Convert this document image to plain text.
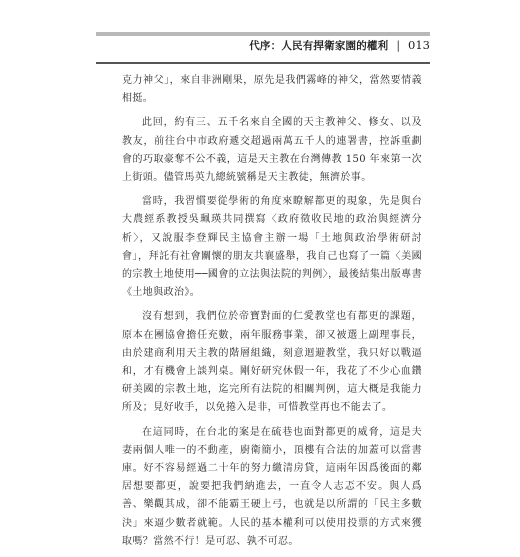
代序：人民有捍衛家園的權利 | 013

克力神父」，來自非洲剛果，原先是我們霧峰的神父，當然要情義相挺。

此回，約有三、五千名來自全國的天主教神父、修女、以及教友，前往台中市政府遞交超過兩萬五千人的連署書，控訴重劃會的巧取豪奪不公不義，這是天主教在台灣傳教 150 年來第一次上街頭。儘管馬英九總統號稱是天主教徒，無濟於事。

當時，我習慣要從學術的角度來瞭解都更的現象，先是與台大農經系教授吳珮瑛共同撰寫〈政府徵收民地的政治與經濟分析〉，又說服李登輝民主協會主辦一場「土地與政治學術研討會」，拜託有社會關懷的朋友共襄盛舉，我自己也寫了一篇〈美國的宗教土地使用──國會的立法與法院的判例〉，最後結集出版專書《土地與政治》。

沒有想到，我們位於帝寶對面的仁愛教堂也有都更的課題，原本在團協會擔任充數，兩年服務事業，卻又被選上副理事長，由於建商利用天主教的階層組織，刻意迴避教堂，我只好以戰逼和，才有機會上談判桌。剛好研究休假一年，我花了不少心血鑽研美國的宗教土地，迄完所有法院的相關判例，這大概是我能力所及；見好收手，以免捲入是非，可惜教堂再也不能去了。

在這同時，在台北的案是在硫巷也面對都更的威脅，這是夫妻兩個人唯一的不動產，廚衛簡小，頂樓有合法的加蓋可以當書庫。好不容易經過二十年的努力繳清房貸，這兩年因爲後面的鄰居想要都更，說要把我們納進去，一直令人志忑不安。與人爲善、樂觀其成，卻不能霸王硬上弓，也就是以所謂的「民主多數決」來逼少數者就範。人民的基本權利可以使用投票的方式來獲取嗎？當然不行！是可忍、孰不可忍。
